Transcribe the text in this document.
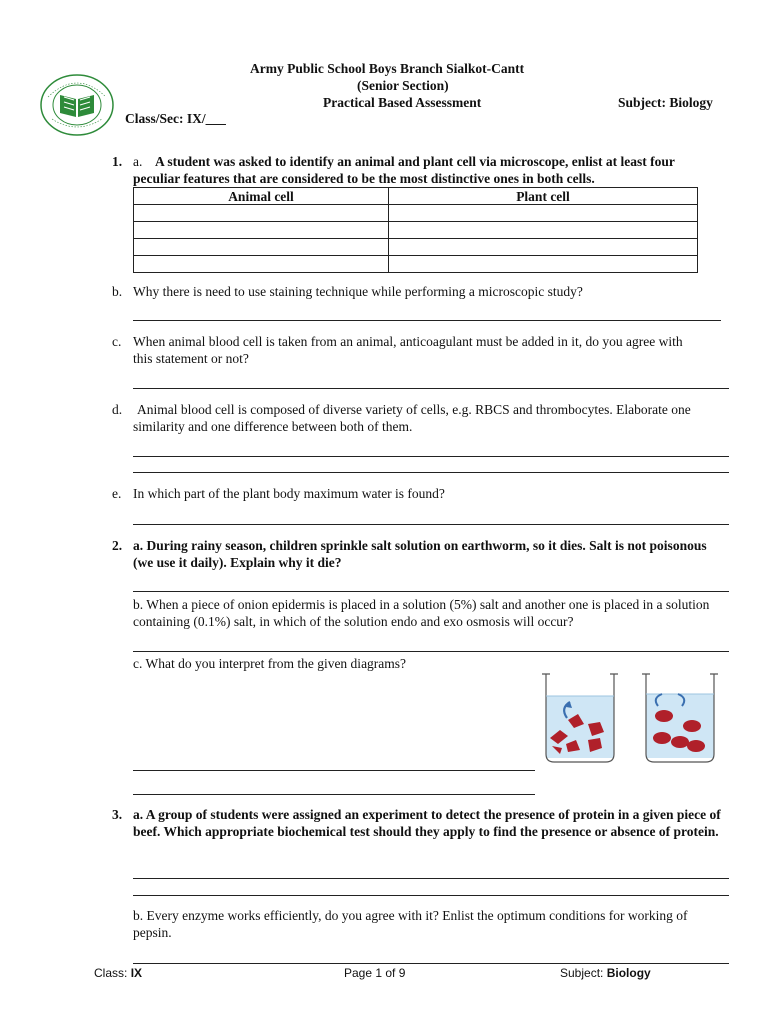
Army Public School Boys Branch Sialkot-Cantt
(Senior Section)
Practical Based Assessment	Subject: Biology
Class/Sec: IX/___
1. a. A student was asked to identify an animal and plant cell via microscope, enlist at least four peculiar features that are considered to be the most distinctive ones in both cells.
Animal cell	Plant cell

b. Why there is need to use staining technique while performing a microscopic study?
c. When animal blood cell is taken from an animal, anticoagulant must be added in it, do you agree with this statement or not?
d. Animal blood cell is composed of diverse variety of cells, e.g. RBCS and thrombocytes. Elaborate one similarity and one difference between both of them.
e. In which part of the plant body maximum water is found?
2. a. During rainy season, children sprinkle salt solution on earthworm, so it dies. Salt is not poisonous (we use it daily). Explain why it die?
b. When a piece of onion epidermis is placed in a solution (5%) salt and another one is placed in a solution containing (0.1%) salt, in which of the solution endo and exo osmosis will occur?
c. What do you interpret from the given diagrams?
H₂O	H₂O
3. a. A group of students were assigned an experiment to detect the presence of protein in a given piece of beef. Which appropriate biochemical test should they apply to find the presence or absence of protein.
b. Every enzyme works efficiently, do you agree with it? Enlist the optimum conditions for working of pepsin.
Class: IX	Page 1 of 9	Subject: Biology
